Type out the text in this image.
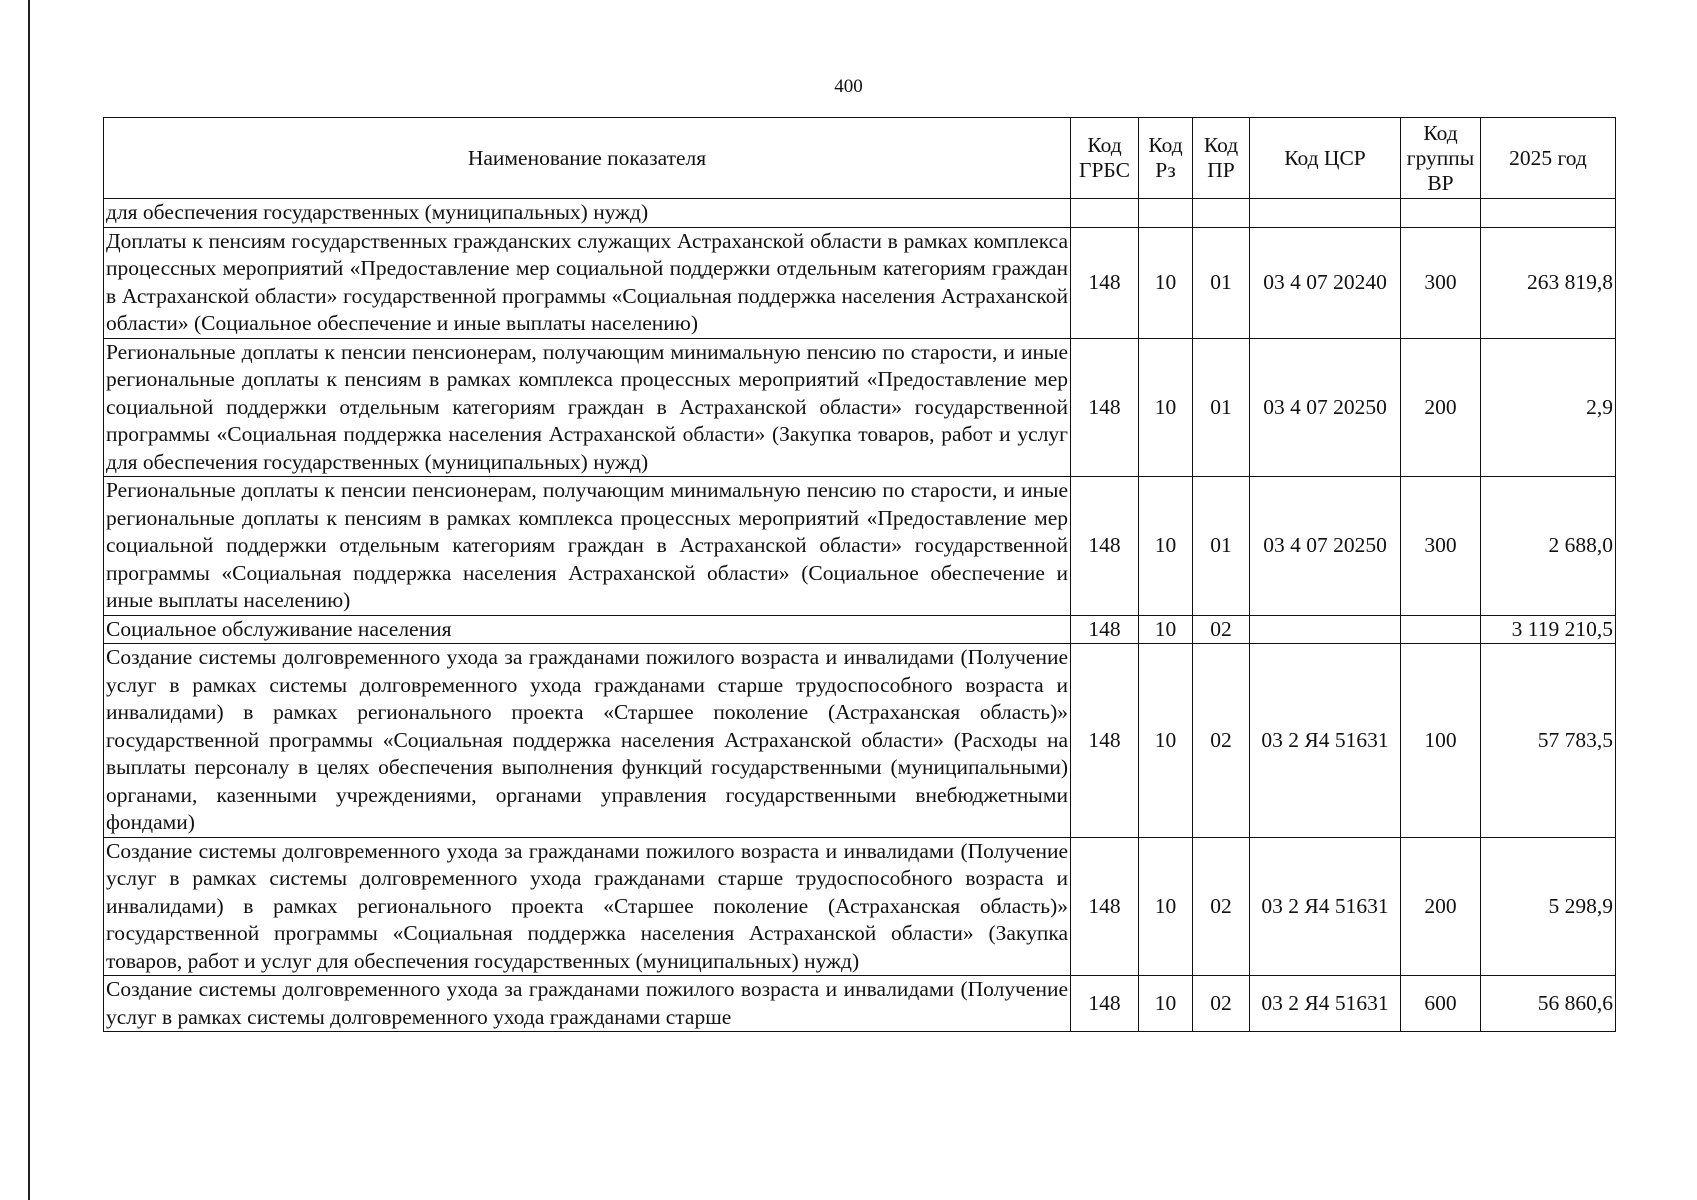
400
Наименование показателя	Код ГРБС	Код Рз	Код ПР	Код ЦСР	Код группы ВР	2025 год
для обеспечения государственных (муниципальных) нужд)						
Доплаты к пенсиям государственных гражданских служащих Астраханской области в рамках комплекса процессных мероприятий «Предоставление мер социальной поддержки отдельным категориям граждан в Астраханской области» государственной программы «Социальная поддержка населения Астраханской области» (Социальное обеспечение и иные выплаты населению)	148	10	01	03 4 07 20240	300	263 819,8
Региональные доплаты к пенсии пенсионерам, получающим минимальную пенсию по старости, и иные региональные доплаты к пенсиям в рамках комплекса процессных мероприятий «Предоставление мер социальной поддержки отдельным категориям граждан в Астраханской области» государственной программы «Социальная поддержка населения Астраханской области» (Закупка товаров, работ и услуг для обеспечения государственных (муниципальных) нужд)	148	10	01	03 4 07 20250	200	2,9
Региональные доплаты к пенсии пенсионерам, получающим минимальную пенсию по старости, и иные региональные доплаты к пенсиям в рамках комплекса процессных мероприятий «Предоставление мер социальной поддержки отдельным категориям граждан в Астраханской области» государственной программы «Социальная поддержка населения Астраханской области» (Социальное обеспечение и иные выплаты населению)	148	10	01	03 4 07 20250	300	2 688,0
Социальное обслуживание населения	148	10	02			3 119 210,5
Создание системы долговременного ухода за гражданами пожилого возраста и инвалидами (Получение услуг в рамках системы долговременного ухода гражданами старше трудоспособного возраста и инвалидами) в рамках регионального проекта «Старшее поколение (Астраханская область)» государственной программы «Социальная поддержка населения Астраханской области» (Расходы на выплаты персоналу в целях обеспечения выполнения функций государственными (муниципальными) органами, казенными учреждениями, органами управления государственными внебюджетными фондами)	148	10	02	03 2 Я4 51631	100	57 783,5
Создание системы долговременного ухода за гражданами пожилого возраста и инвалидами (Получение услуг в рамках системы долговременного ухода гражданами старше трудоспособного возраста и инвалидами) в рамках регионального проекта «Старшее поколение (Астраханская область)» государственной программы «Социальная поддержка населения Астраханской области» (Закупка товаров, работ и услуг для обеспечения государственных (муниципальных) нужд)	148	10	02	03 2 Я4 51631	200	5 298,9
Создание системы долговременного ухода за гражданами пожилого возраста и инвалидами (Получение услуг в рамках системы долговременного ухода гражданами старше	148	10	02	03 2 Я4 51631	600	56 860,6
